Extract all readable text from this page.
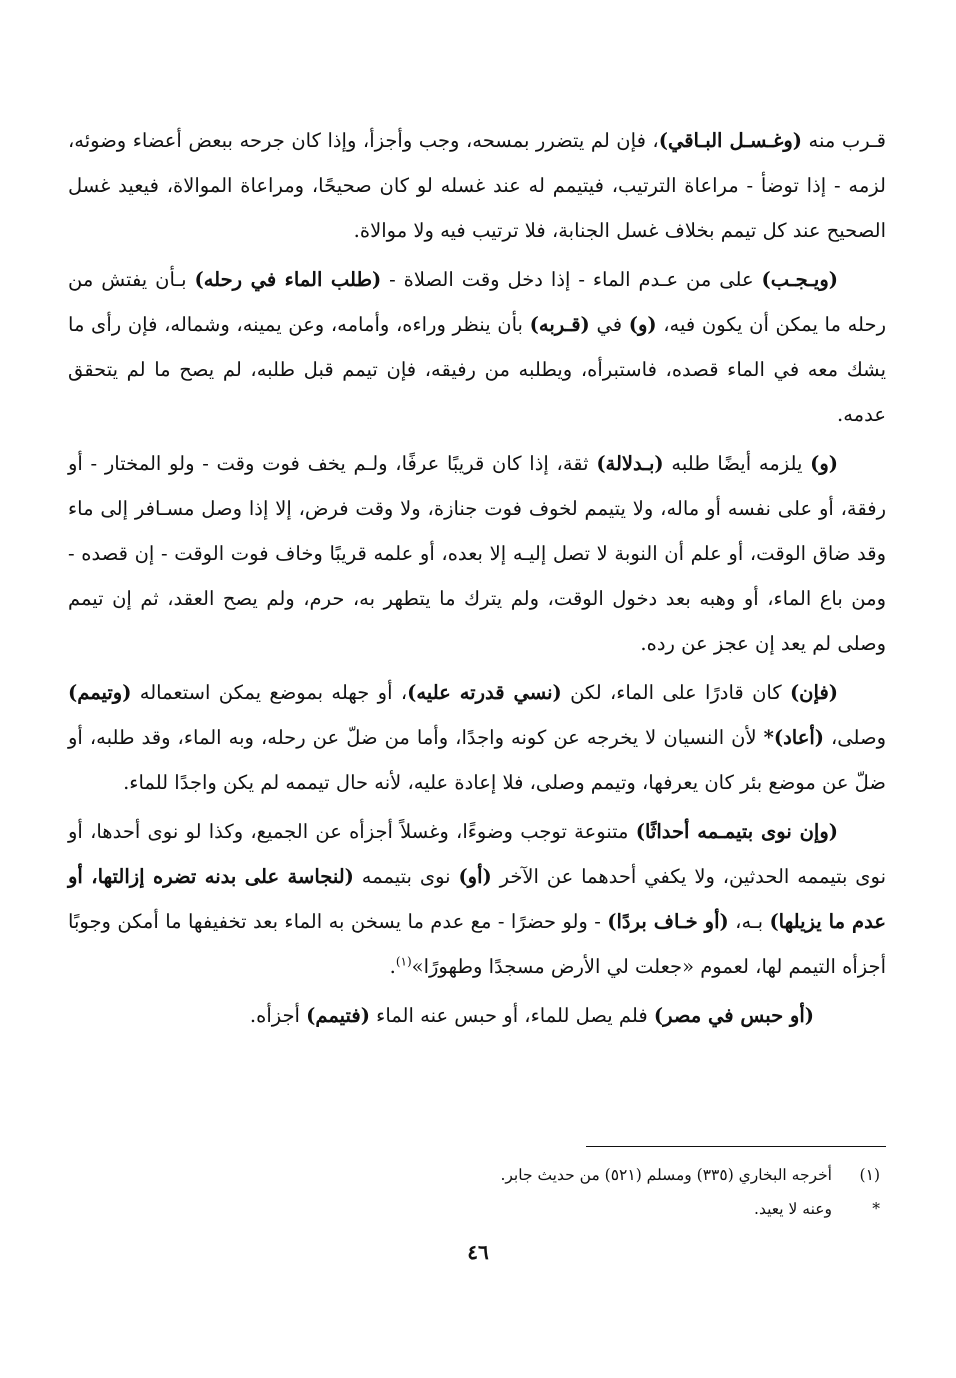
قـرب منه (وغـسـل البـاقي)، فإن لم يتضرر بمسحه، وجب وأجزأ، وإذا كان جرحه ببعض أعضاء وضوئه، لزمه - إذا توضأ - مراعاة الترتيب، فيتيمم له عند غسله لو كان صحيحًا، ومراعاة الموالاة، فيعيد غسل الصحيح عند كل تيمم بخلاف غسل الجنابة، فلا ترتيب فيه ولا موالاة.

(ويـجـب) على من عـدم الماء - إذا دخل وقت الصلاة - (طلب الماء في رحله) بـأن يفتش من رحله ما يمكن أن يكون فيه، (و) في (قـربه) بأن ينظر وراءه، وأمامه، وعن يمينه، وشماله، فإن رأى ما يشك معه في الماء قصده، فاستبرأه، ويطلبه من رفيقه، فإن تيمم قبل طلبه، لم يصح ما لم يتحقق عدمه.

(و) يلزمه أيضًا طلبه (بـدلالة) ثقة، إذا كان قريبًا عرفًا، ولـم يخف فوت وقت - ولو المختار - أو رفقة، أو على نفسه أو ماله، ولا يتيمم لخوف فوت جنازة، ولا وقت فرض، إلا إذا وصل مسـافر إلى ماء وقد ضاق الوقت، أو علم أن النوبة لا تصل إليـه إلا بعده، أو علمه قريبًا وخاف فوت الوقت - إن قصده - ومن باع الماء، أو وهبه بعد دخول الوقت، ولم يترك ما يتطهر به، حرم، ولم يصح العقد، ثم إن تيمم وصلى لم يعد إن عجز عن رده.

(فإن) كان قادرًا على الماء، لكن (نسي قدرته عليه)، أو جهله بموضع يمكن استعماله (وتيمم) وصلى، (أعاد)* لأن النسيان لا يخرجه عن كونه واجدًا، وأما من ضلّ عن رحله، وبه الماء، وقد طلبه، أو ضلّ عن موضع بئر كان يعرفها، وتيمم وصلى، فلا إعادة عليه، لأنه حال تيممه لم يكن واجدًا للماء.

(وإن نوى بتيمـمه أحداثًا) متنوعة توجب وضوءًا، وغسلاً أجزأه عن الجميع، وكذا لو نوى أحدها، أو نوى بتيممه الحدثين، ولا يكفي أحدهما عن الآخر (أو) نوى بتيممه (لنجاسة على بدنه تضره إزالتها، أو عدم ما يزيلها) بـه، (أو خـاف بردًا) - ولو حضرًا - مع عدم ما يسخن به الماء بعد تخفيفها ما أمكن وجوبًا أجزأه التيمم لها، لعموم «جعلت لي الأرض مسجدًا وطهورًا»$^{(١)}$.

(أو حبس في مصر) فلم يصل للماء، أو حبس عنه الماء (فتيمم) أجزأه.

(١)
أخرجه البخاري (٣٣٥) ومسلم (٥٢١) من حديث جابر.
*
وعنه لا يعيد.
٤٦
